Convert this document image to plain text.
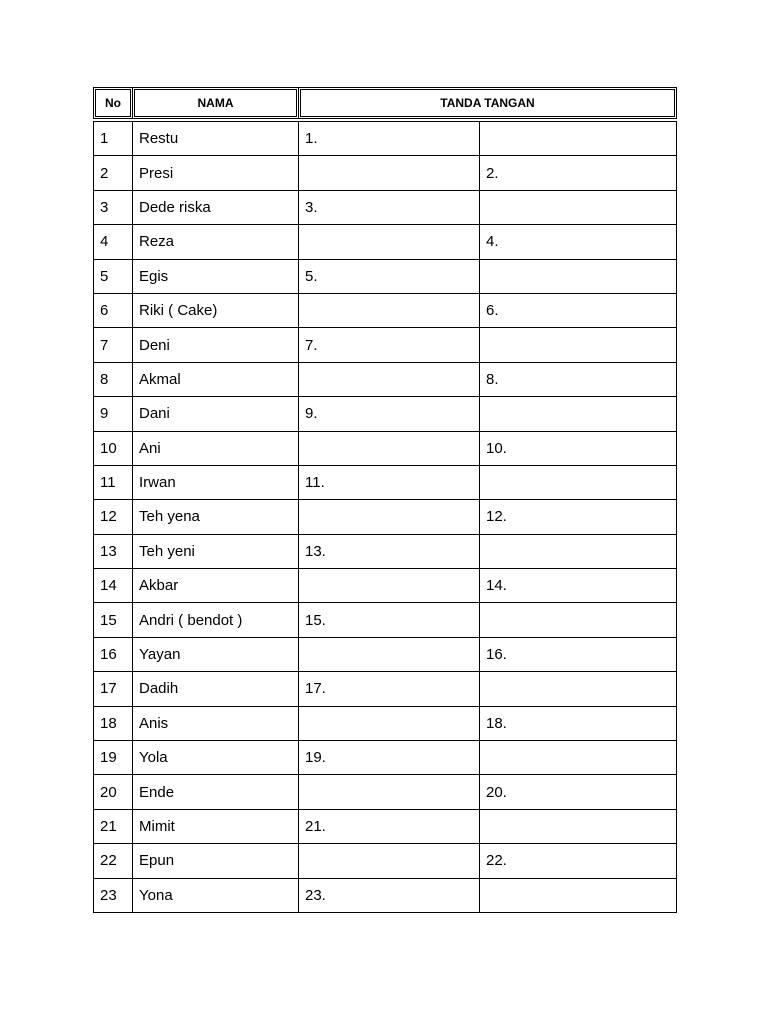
No	NAMA	TANDA TANGAN
1	Restu	1.	
2	Presi		2.
3	Dede riska	3.	
4	Reza		4.
5	Egis	5.	
6	Riki ( Cake)		6.
7	Deni	7.	
8	Akmal		8.
9	Dani	9.	
10	Ani		10.
11	Irwan	11.	
12	Teh yena		12.
13	Teh yeni	13.	
14	Akbar		14.
15	Andri ( bendot )	15.	
16	Yayan		16.
17	Dadih	17.	
18	Anis		18.
19	Yola	19.	
20	Ende		20.
21	Mimit	21.	
22	Epun		22.
23	Yona	23.	
